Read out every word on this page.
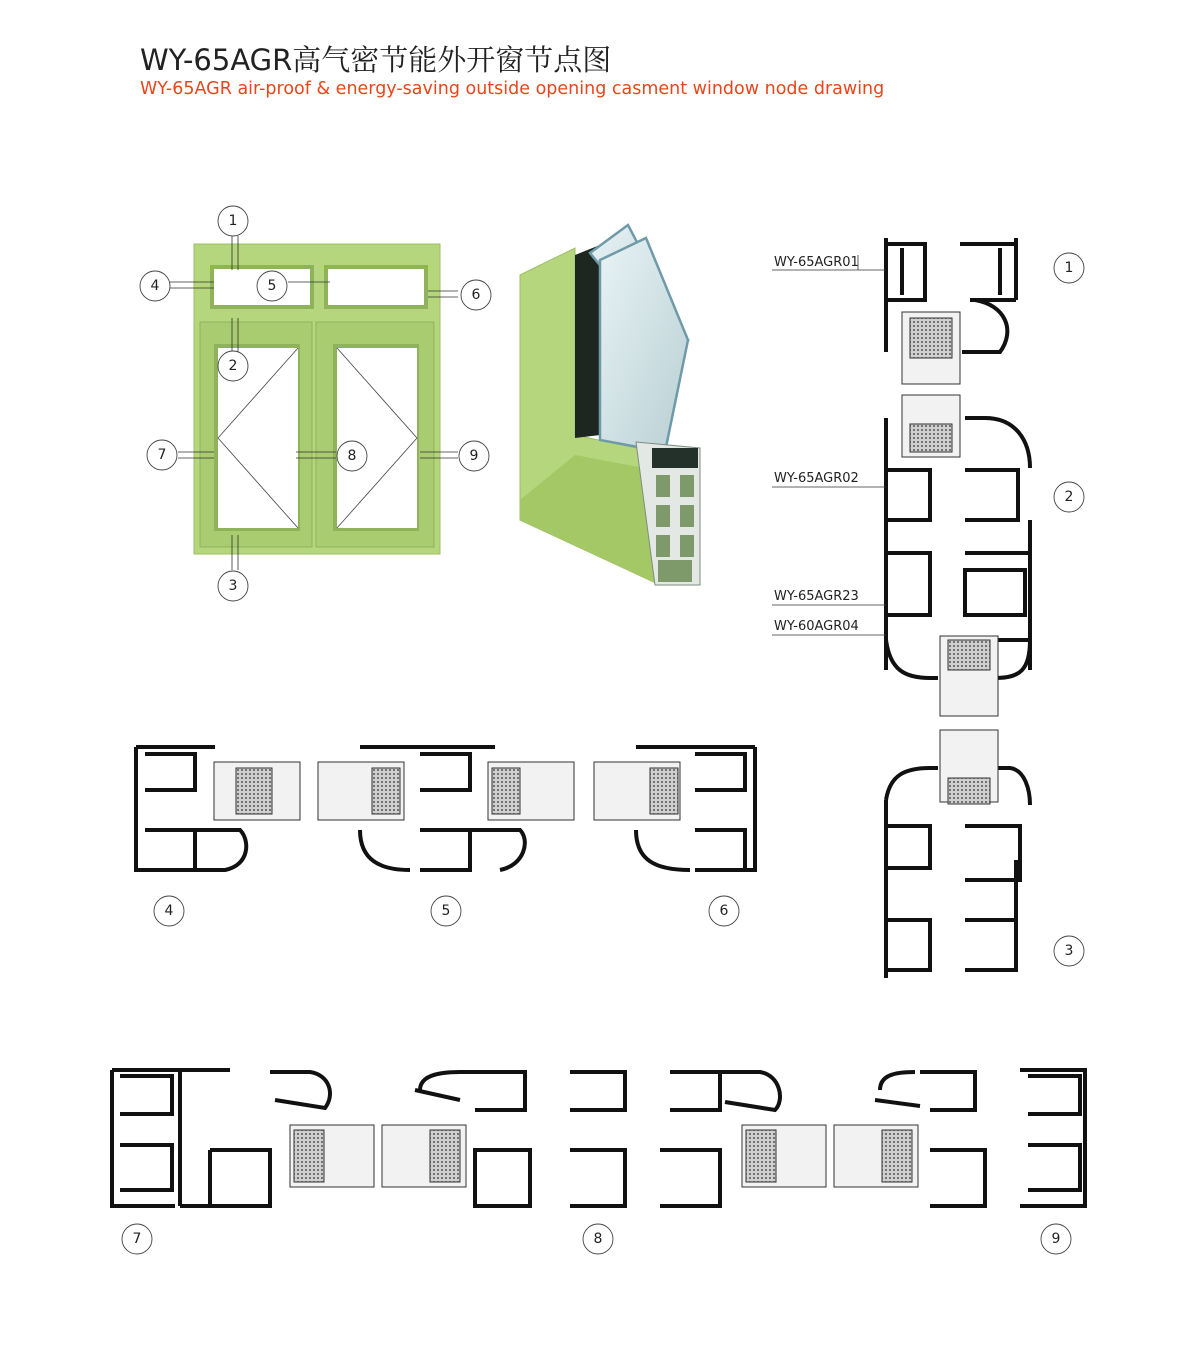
WY-65AGR高气密节能外开窗节点图
WY-65AGR air-proof & energy-saving outside opening casment window node drawing
WY-65AGR01
WY-65AGR02
WY-65AGR23
WY-60AGR04
1
4	5
6
2
7	8	9
3
1
2
3
4	5	6
7	8	9
